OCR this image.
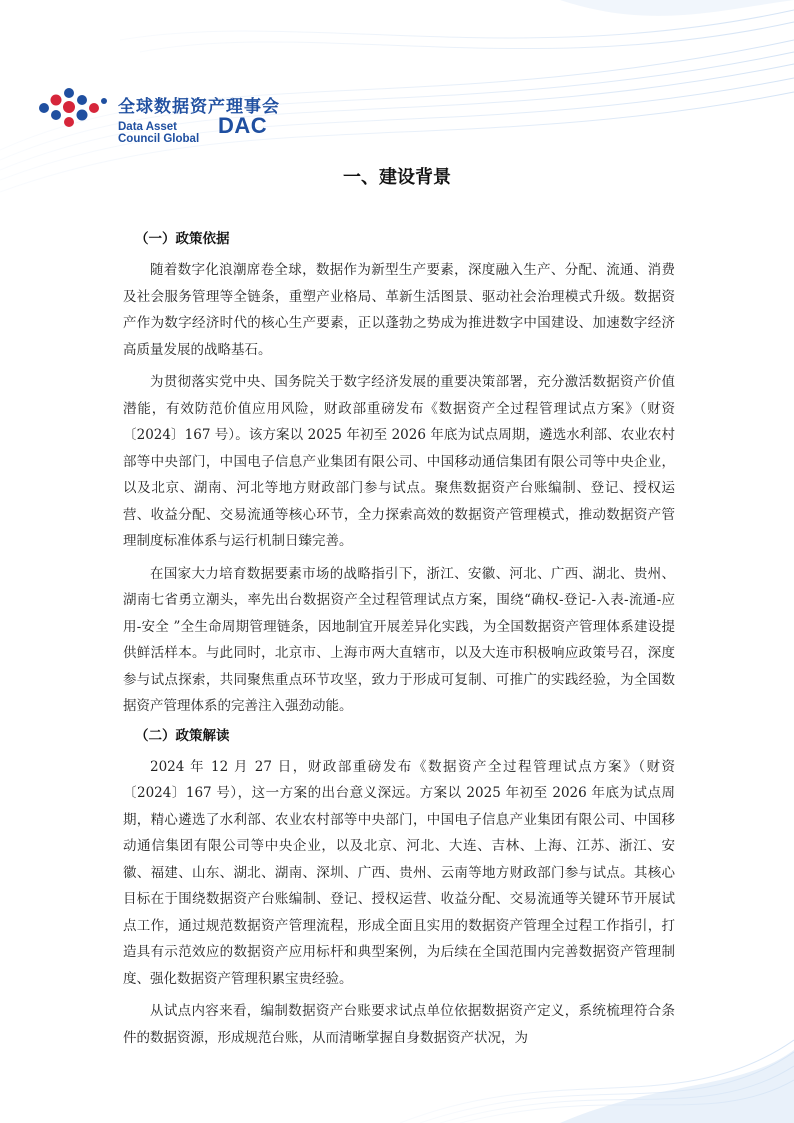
全球数据资产理事会
Data Asset
Council Global
DAC
一、建设背景
（一）政策依据

随着数字化浪潮席卷全球，数据作为新型生产要素，深度融入生产、分配、流通、消费及社会服务管理等全链条，重塑产业格局、革新生活图景、驱动社会治理模式升级。数据资产作为数字经济时代的核心生产要素，正以蓬勃之势成为推进数字中国建设、加速数字经济高质量发展的战略基石。

为贯彻落实党中央、国务院关于数字经济发展的重要决策部署，充分激活数据资产价值潜能，有效防范价值应用风险，财政部重磅发布《数据资产全过程管理试点方案》（财资〔2024〕167 号）。该方案以 2025 年初至 2026 年底为试点周期，遴选水利部、农业农村部等中央部门，中国电子信息产业集团有限公司、中国移动通信集团有限公司等中央企业，以及北京、湖南、河北等地方财政部门参与试点。聚焦数据资产台账编制、登记、授权运营、收益分配、交易流通等核心环节，全力探索高效的数据资产管理模式，推动数据资产管理制度标准体系与运行机制日臻完善。

在国家大力培育数据要素市场的战略指引下，浙江、安徽、河北、广西、湖北、贵州、湖南七省勇立潮头，率先出台数据资产全过程管理试点方案，围绕“确权-登记-入表-流通-应用-安全 ”全生命周期管理链条，因地制宜开展差异化实践，为全国数据资产管理体系建设提供鲜活样本。与此同时，北京市、上海市两大直辖市，以及大连市积极响应政策号召，深度参与试点探索，共同聚焦重点环节攻坚，致力于形成可复制、可推广的实践经验，为全国数据资产管理体系的完善注入强劲动能。

（二）政策解读

2024 年 12 月 27 日，财政部重磅发布《数据资产全过程管理试点方案》（财资〔2024〕167 号），这一方案的出台意义深远。方案以 2025 年初至 2026 年底为试点周期，精心遴选了水利部、农业农村部等中央部门，中国电子信息产业集团有限公司、中国移动通信集团有限公司等中央企业，以及北京、河北、大连、吉林、上海、江苏、浙江、安徽、福建、山东、湖北、湖南、深圳、广西、贵州、云南等地方财政部门参与试点。其核心目标在于围绕数据资产台账编制、登记、授权运营、收益分配、交易流通等关键环节开展试点工作，通过规范数据资产管理流程，形成全面且实用的数据资产管理全过程工作指引，打造具有示范效应的数据资产应用标杆和典型案例，为后续在全国范围内完善数据资产管理制度、强化数据资产管理积累宝贵经验。

从试点内容来看，编制数据资产台账要求试点单位依据数据资产定义，系统梳理符合条件的数据资源，形成规范台账，从而清晰掌握自身数据资产状况，为
